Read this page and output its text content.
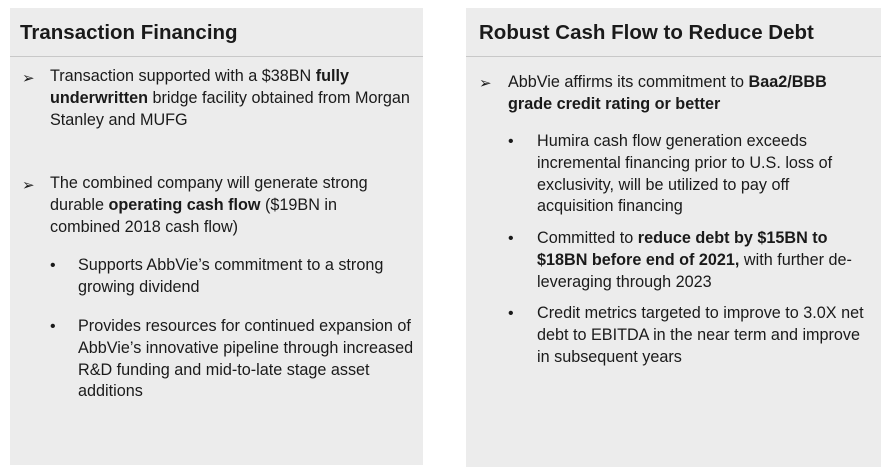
Transaction Financing
➢ Transaction supported with a $38BN fully underwritten bridge facility obtained from Morgan Stanley and MUFG

➢ The combined company will generate strong durable operating cash flow ($19BN in combined 2018 cash flow)

• Supports AbbVie’s commitment to a strong growing dividend

• Provides resources for continued expansion of AbbVie’s innovative pipeline through increased R&D funding and mid-to-late stage asset additions

Robust Cash Flow to Reduce Debt
➢ AbbVie affirms its commitment to Baa2/BBB grade credit rating or better

• Humira cash flow generation exceeds incremental financing prior to U.S. loss of exclusivity, will be utilized to pay off acquisition financing

• Committed to reduce debt by $15BN to $18BN before end of 2021, with further de-leveraging through 2023

• Credit metrics targeted to improve to 3.0X net debt to EBITDA in the near term and improve in subsequent years
